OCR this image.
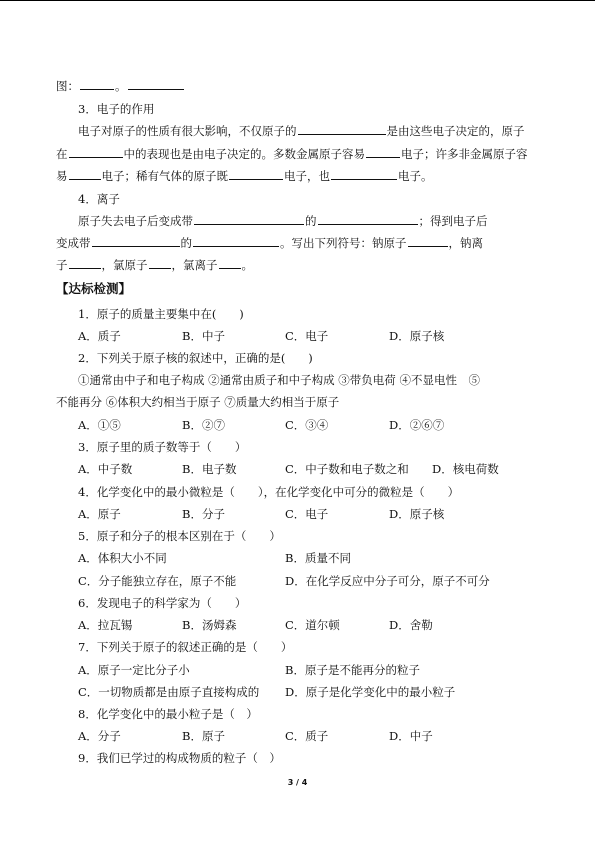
图：	。
3．电子的作用
电子对原子的性质有很大影响，不仅原子的	是由这些电子决定的，原子
在	中的表现也是由电子决定的。多数金属原子容易	电子；许多非金属原子容
易	电子；稀有气体的原子既	电子，也	电子。
4．离子
原子失去电子后变成带	的	；得到电子后
变成带	的	。写出下列符号：钠原子	，钠离
子	，氯原子 ，氯离子 。
【达标检测】
1．原子的质量主要集中在(　　)
A．质子	B．中子	C．电子	D．原子核
2．下列关于原子核的叙述中，正确的是(　　)
①通常由中子和电子构成 ②通常由质子和中子构成 ③带负电荷 ④不显电性　⑤
不能再分 ⑥体积大约相当于原子 ⑦质量大约相当于原子
A．①⑤	B．②⑦	C．③④	D．②⑥⑦
3．原子里的质子数等于（　　）
A．中子数	B．电子数	C．中子数和电子数之和 D．核电荷数
4．化学变化中的最小微粒是（　　），在化学变化中可分的微粒是（　　）
A．原子	B．分子	C．电子	D．原子核
5．原子和分子的根本区别在于（　　）
A．体积大小不同	B．质量不同
C．分子能独立存在，原子不能	D．在化学反应中分子可分，原子不可分
6．发现电子的科学家为（　　）
A．拉瓦锡	B．汤姆森	C．道尔顿	D．舍勒
7．下列关于原子的叙述正确的是（　　）
A．原子一定比分子小	B．原子是不能再分的粒子
C．一切物质都是由原子直接构成的 D．原子是化学变化中的最小粒子
8．化学变化中的最小粒子是（　）
A．分子	B．原子	C．质子	D．中子
9．我们已学过的构成物质的粒子（　）
3 / 4
